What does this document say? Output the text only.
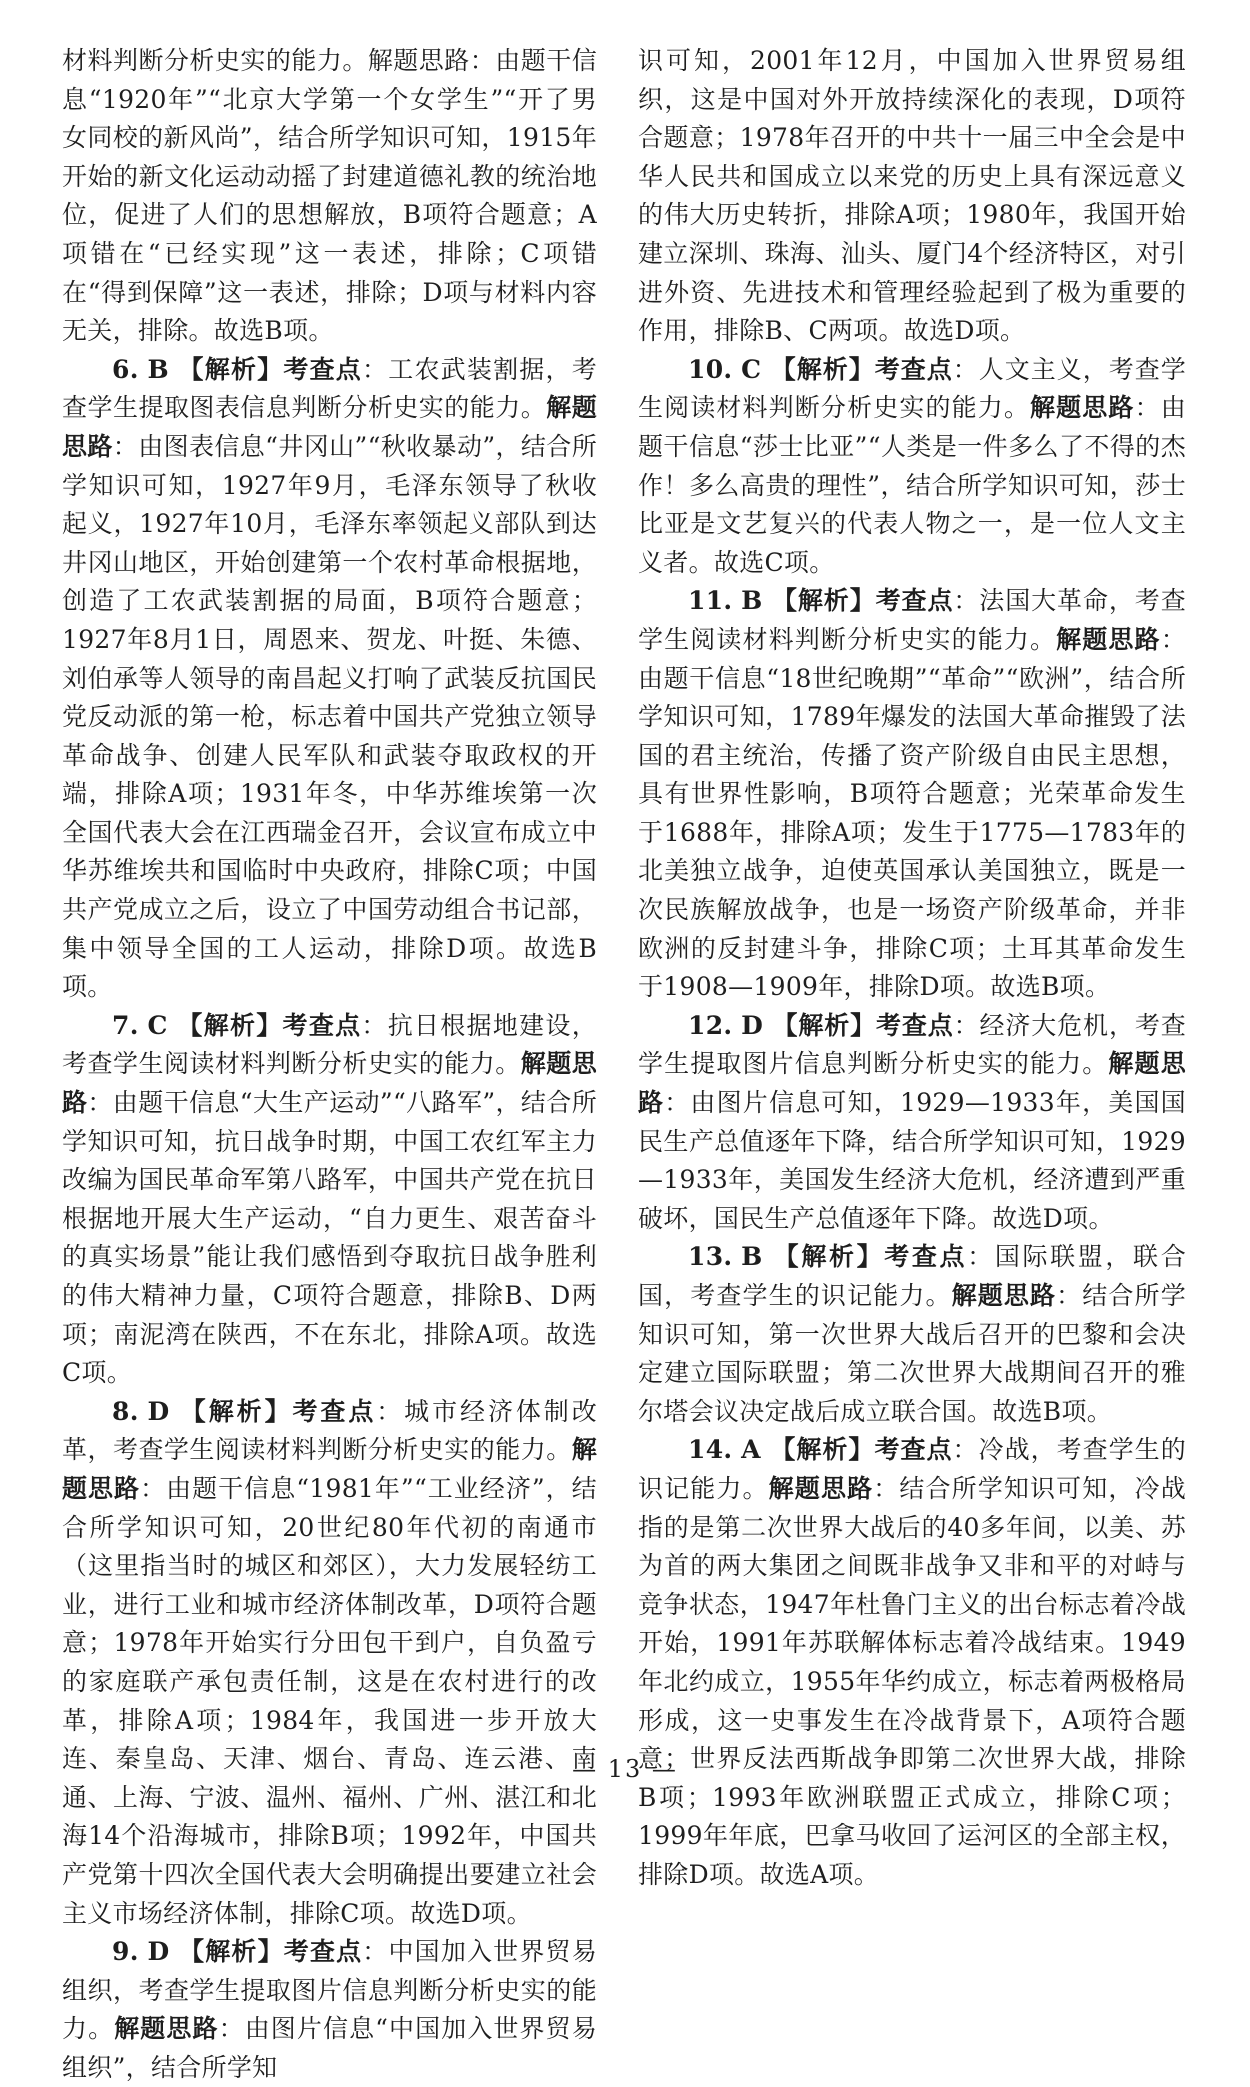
材料判断分析史实的能力。解题思路：由题干信息“1920年”“北京大学第一个女学生”“开了男女同校的新风尚”，结合所学知识可知，1915年开始的新文化运动动摇了封建道德礼教的统治地位，促进了人们的思想解放，B项符合题意；A项错在“已经实现”这一表述，排除；C项错在“得到保障”这一表述，排除；D项与材料内容无关，排除。故选B项。

6. B 【解析】考查点：工农武装割据，考查学生提取图表信息判断分析史实的能力。解题思路：由图表信息“井冈山”“秋收暴动”，结合所学知识可知，1927年9月，毛泽东领导了秋收起义，1927年10月，毛泽东率领起义部队到达井冈山地区，开始创建第一个农村革命根据地，创造了工农武装割据的局面，B项符合题意；1927年8月1日，周恩来、贺龙、叶挺、朱德、刘伯承等人领导的南昌起义打响了武装反抗国民党反动派的第一枪，标志着中国共产党独立领导革命战争、创建人民军队和武装夺取政权的开端，排除A项；1931年冬，中华苏维埃第一次全国代表大会在江西瑞金召开，会议宣布成立中华苏维埃共和国临时中央政府，排除C项；中国共产党成立之后，设立了中国劳动组合书记部，集中领导全国的工人运动，排除D项。故选B项。

7. C 【解析】考查点：抗日根据地建设，考查学生阅读材料判断分析史实的能力。解题思路：由题干信息“大生产运动”“八路军”，结合所学知识可知，抗日战争时期，中国工农红军主力改编为国民革命军第八路军，中国共产党在抗日根据地开展大生产运动，“自力更生、艰苦奋斗的真实场景”能让我们感悟到夺取抗日战争胜利的伟大精神力量，C项符合题意，排除B、D两项；南泥湾在陕西，不在东北，排除A项。故选C项。

8. D 【解析】考查点：城市经济体制改革，考查学生阅读材料判断分析史实的能力。解题思路：由题干信息“1981年”“工业经济”，结合所学知识可知，20世纪80年代初的南通市（这里指当时的城区和郊区），大力发展轻纺工业，进行工业和城市经济体制改革，D项符合题意；1978年开始实行分田包干到户，自负盈亏的家庭联产承包责任制，这是在农村进行的改革，排除A项；1984年，我国进一步开放大连、秦皇岛、天津、烟台、青岛、连云港、南通、上海、宁波、温州、福州、广州、湛江和北海14个沿海城市，排除B项；1992年，中国共产党第十四次全国代表大会明确提出要建立社会主义市场经济体制，排除C项。故选D项。

9. D 【解析】考查点：中国加入世界贸易组织，考查学生提取图片信息判断分析史实的能力。解题思路：由图片信息“中国加入世界贸易组织”，结合所学知

识可知，2001年12月，中国加入世界贸易组织，这是中国对外开放持续深化的表现，D项符合题意；1978年召开的中共十一届三中全会是中华人民共和国成立以来党的历史上具有深远意义的伟大历史转折，排除A项；1980年，我国开始建立深圳、珠海、汕头、厦门4个经济特区，对引进外资、先进技术和管理经验起到了极为重要的作用，排除B、C两项。故选D项。

10. C 【解析】考查点：人文主义，考查学生阅读材料判断分析史实的能力。解题思路：由题干信息“莎士比亚”“人类是一件多么了不得的杰作！多么高贵的理性”，结合所学知识可知，莎士比亚是文艺复兴的代表人物之一，是一位人文主义者。故选C项。

11. B 【解析】考查点：法国大革命，考查学生阅读材料判断分析史实的能力。解题思路：由题干信息“18世纪晚期”“革命”“欧洲”，结合所学知识可知，1789年爆发的法国大革命摧毁了法国的君主统治，传播了资产阶级自由民主思想，具有世界性影响，B项符合题意；光荣革命发生于1688年，排除A项；发生于1775—1783年的北美独立战争，迫使英国承认美国独立，既是一次民族解放战争，也是一场资产阶级革命，并非欧洲的反封建斗争，排除C项；土耳其革命发生于1908—1909年，排除D项。故选B项。

12. D 【解析】考查点：经济大危机，考查学生提取图片信息判断分析史实的能力。解题思路：由图片信息可知，1929—1933年，美国国民生产总值逐年下降，结合所学知识可知，1929—1933年，美国发生经济大危机，经济遭到严重破坏，国民生产总值逐年下降。故选D项。

13. B 【解析】考查点：国际联盟，联合国，考查学生的识记能力。解题思路：结合所学知识可知，第一次世界大战后召开的巴黎和会决定建立国际联盟；第二次世界大战期间召开的雅尔塔会议决定战后成立联合国。故选B项。

14. A 【解析】考查点：冷战，考查学生的识记能力。解题思路：结合所学知识可知，冷战指的是第二次世界大战后的40多年间，以美、苏为首的两大集团之间既非战争又非和平的对峙与竞争状态，1947年杜鲁门主义的出台标志着冷战开始，1991年苏联解体标志着冷战结束。1949年北约成立，1955年华约成立，标志着两极格局形成，这一史事发生在冷战背景下，A项符合题意；世界反法西斯战争即第二次世界大战，排除B项；1993年欧洲联盟正式成立，排除C项；1999年年底，巴拿马收回了运河区的全部主权，排除D项。故选A项。

— 13 —
